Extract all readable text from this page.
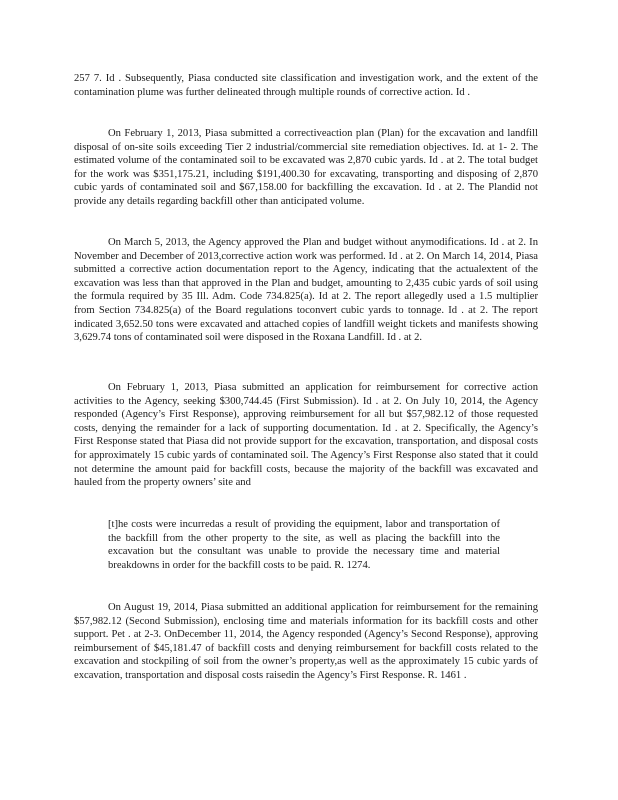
257 7. Id . Subsequently, Piasa conducted site classification and investigation work, and the extent of the contamination plume was further delineated through multiple rounds of corrective action. Id .

On February 1, 2013, Piasa submitted a correctiveaction plan (Plan) for the excavation and landfill disposal of on-site soils exceeding Tier 2 industrial/commercial site remediation objectives. Id. at 1- 2. The estimated volume of the contaminated soil to be excavated was 2,870 cubic yards. Id . at 2. The total budget for the work was $351,175.21, including $191,400.30 for excavating, transporting and disposing of 2,870 cubic yards of contaminated soil and $67,158.00 for backfilling the excavation. Id . at 2. The Plandid not provide any details regarding backfill other than anticipated volume.

On March 5, 2013, the Agency approved the Plan and budget without anymodifications. Id . at 2. In November and December of 2013,corrective action work was performed. Id . at 2. On March 14, 2014, Piasa submitted a corrective action documentation report to the Agency, indicating that the actualextent of the excavation was less than that approved in the Plan and budget, amounting to 2,435 cubic yards of soil using the formula required by 35 Ill. Adm. Code 734.825(a). Id at 2. The report allegedly used a 1.5 multiplier from Section 734.825(a) of the Board regulations toconvert cubic yards to tonnage. Id . at 2. The report indicated 3,652.50 tons were excavated and attached copies of landfill weight tickets and manifests showing 3,629.74 tons of contaminated soil were disposed in the Roxana Landfill. Id . at 2.

On February 1, 2013, Piasa submitted an application for reimbursement for corrective action activities to the Agency, seeking $300,744.45 (First Submission). Id . at 2. On July 10, 2014, the Agency responded (Agency’s First Response), approving reimbursement for all but $57,982.12 of those requested costs, denying the remainder for a lack of supporting documentation. Id . at 2. Specifically, the Agency’s First Response stated that Piasa did not provide support for the excavation, transportation, and disposal costs for approximately 15 cubic yards of contaminated soil. The Agency’s First Response also stated that it could not determine the amount paid for backfill costs, because the majority of the backfill was excavated and hauled from the property owners’ site and

[t]he costs were incurredas a result of providing the equipment, labor and transportation of the backfill from the other property to the site, as well as placing the backfill into the excavation but the consultant was unable to provide the necessary time and material breakdowns in order for the backfill costs to be paid. R. 1274.

On August 19, 2014, Piasa submitted an additional application for reimbursement for the remaining $57,982.12 (Second Submission), enclosing time and materials information for its backfill costs and other support. Pet . at 2-3. OnDecember 11, 2014, the Agency responded (Agency’s Second Response), approving reimbursement of $45,181.47 of backfill costs and denying reimbursement for backfill costs related to the excavation and stockpiling of soil from the owner’s property,as well as the approximately 15 cubic yards of excavation, transportation and disposal costs raisedin the Agency’s First Response. R. 1461 .
